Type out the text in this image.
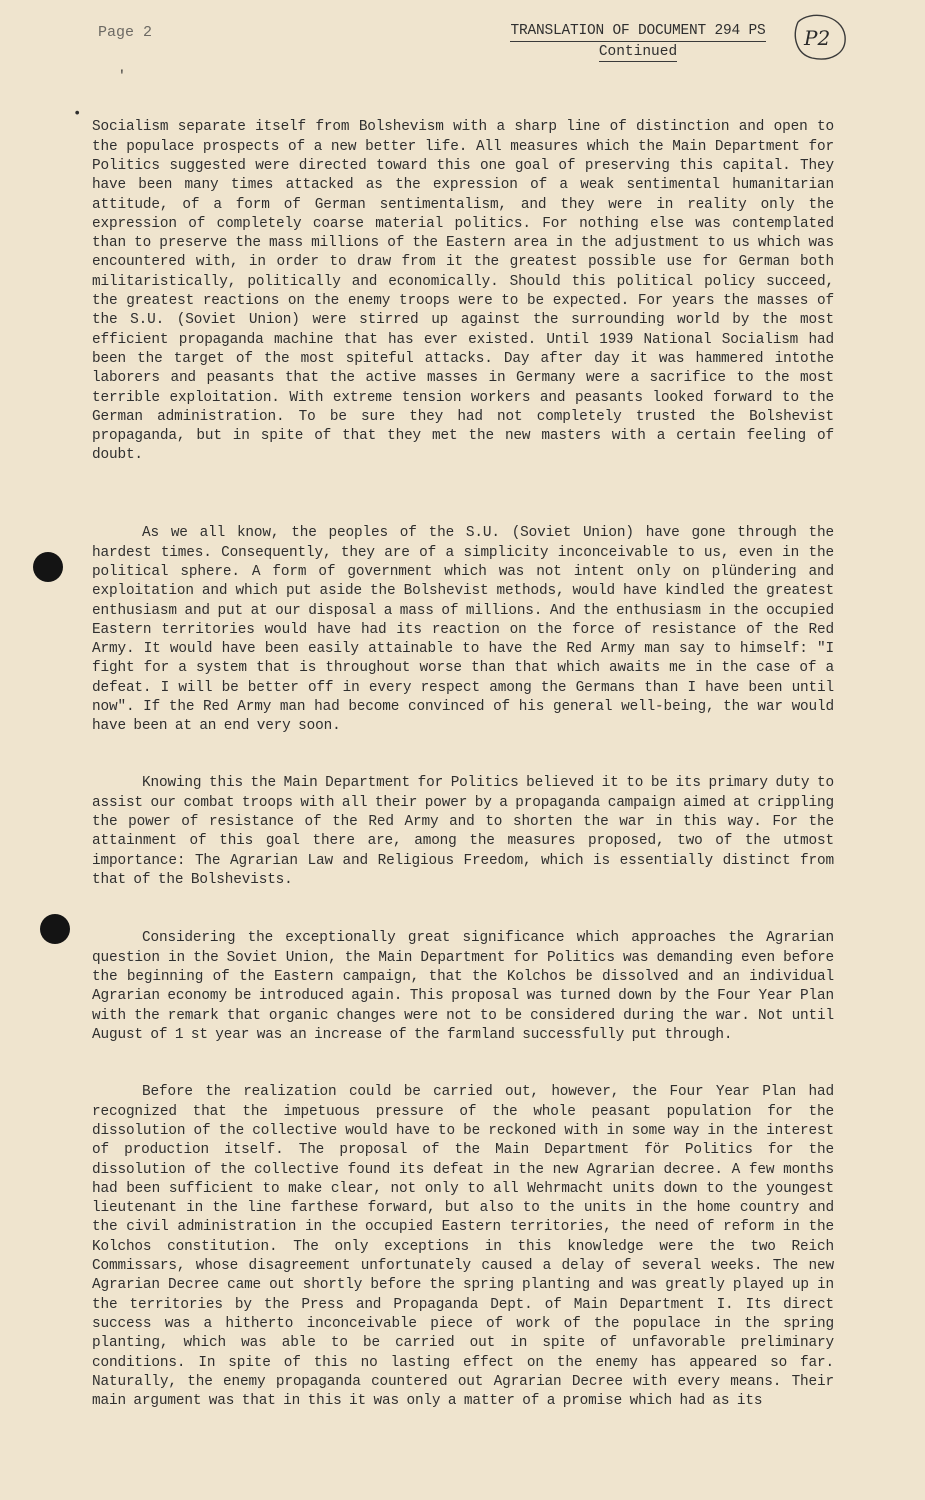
Page 2	TRANSLATION OF DOCUMENT 294 PS
Continued
P2
'
•

Socialism separate itself from Bolshevism with a sharp line of distinction and open to the populace prospects of a new better life. All measures which the Main Department for Politics suggested were directed toward this one goal of preserving this capital. They have been many times attacked as the expression of a weak sentimental humanitarian attitude, of a form of German sentimentalism, and they were in reality only the expression of completely coarse material politics. For nothing else was contemplated than to preserve the mass millions of the Eastern area in the adjustment to us which was encountered with, in order to draw from it the greatest possible use for German both militaristically, politically and economically. Should this political policy succeed, the greatest reactions on the enemy troops were to be expected. For years the masses of the S.U. (Soviet Union) were stirred up against the surrounding world by the most efficient propaganda machine that has ever existed. Until 1939 National Socialism had been the target of the most spiteful attacks. Day after day it was hammered intothe laborers and peasants that the active masses in Germany were a sacrifice to the most terrible exploitation. With extreme tension workers and peasants looked forward to the German administration. To be sure they had not completely trusted the Bolshevist propaganda, but in spite of that they met the new masters with a certain feeling of doubt.

As we all know, the peoples of the S.U. (Soviet Union) have gone through the hardest times. Consequently, they are of a simplicity inconceivable to us, even in the political sphere. A form of government which was not intent only on plündering and exploitation and which put aside the Bolshevist methods, would have kindled the greatest enthusiasm and put at our disposal a mass of millions. And the enthusiasm in the occupied Eastern territories would have had its reaction on the force of resistance of the Red Army. It would have been easily attainable to have the Red Army man say to himself: "I fight for a system that is throughout worse than that which awaits me in the case of a defeat. I will be better off in every respect among the Germans than I have been until now". If the Red Army man had become convinced of his general well-being, the war would have been at an end very soon.

Knowing this the Main Department for Politics believed it to be its primary duty to assist our combat troops with all their power by a propaganda campaign aimed at crippling the power of resistance of the Red Army and to shorten the war in this way. For the attainment of this goal there are, among the measures proposed, two of the utmost importance: The Agrarian Law and Religious Freedom, which is essentially distinct from that of the Bolshevists.

Considering the exceptionally great significance which approaches the Agrarian question in the Soviet Union, the Main Department for Politics was demanding even before the beginning of the Eastern campaign, that the Kolchos be dissolved and an individual Agrarian economy be introduced again. This proposal was turned down by the Four Year Plan with the remark that organic changes were not to be considered during the war. Not until August of 1 st year was an increase of the farmland successfully put through.

Before the realization could be carried out, however, the Four Year Plan had recognized that the impetuous pressure of the whole peasant population for the dissolution of the collective would have to be reckoned with in some way in the interest of production itself. The proposal of the Main Department för Politics for the dissolution of the collective found its defeat in the new Agrarian decree. A few months had been sufficient to make clear, not only to all Wehrmacht units down to the youngest lieutenant in the line farthese forward, but also to the units in the home country and the civil administration in the occupied Eastern territories, the need of reform in the Kolchos constitution. The only exceptions in this knowledge were the two Reich Commissars, whose disagreement unfortunately caused a delay of several weeks. The new Agrarian Decree came out shortly before the spring planting and was greatly played up in the territories by the Press and Propaganda Dept. of Main Department I. Its direct success was a hitherto inconceivable piece of work of the populace in the spring planting, which was able to be carried out in spite of unfavorable preliminary conditions. In spite of this no lasting effect on the enemy has appeared so far. Naturally, the enemy propaganda countered out Agrarian Decree with every means. Their main argument was that in this it was only a matter of a promise which had as its
